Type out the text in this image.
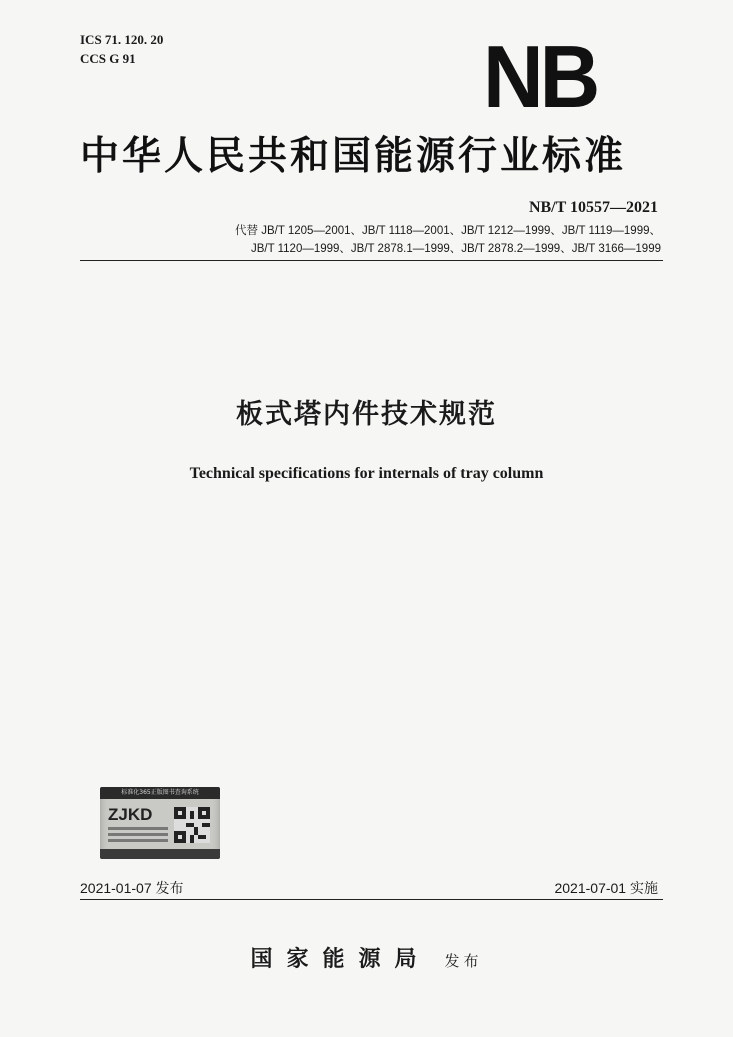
ICS 71. 120. 20
CCS G 91	NB
中华人民共和国能源行业标准
NB/T 10557—2021
代替 JB/T 1205—2001、JB/T 1118—2001、JB/T 1212—1999、JB/T 1119—1999、
JB/T 1120—1999、JB/T 2878.1—1999、JB/T 2878.2—1999、JB/T 3166—1999
板式塔内件技术规范
Technical specifications for internals of tray column
标准化365正版图书查询系统
ZJKD
2021-01-07 发布	2021-07-01 实施
国家能源局 发布
